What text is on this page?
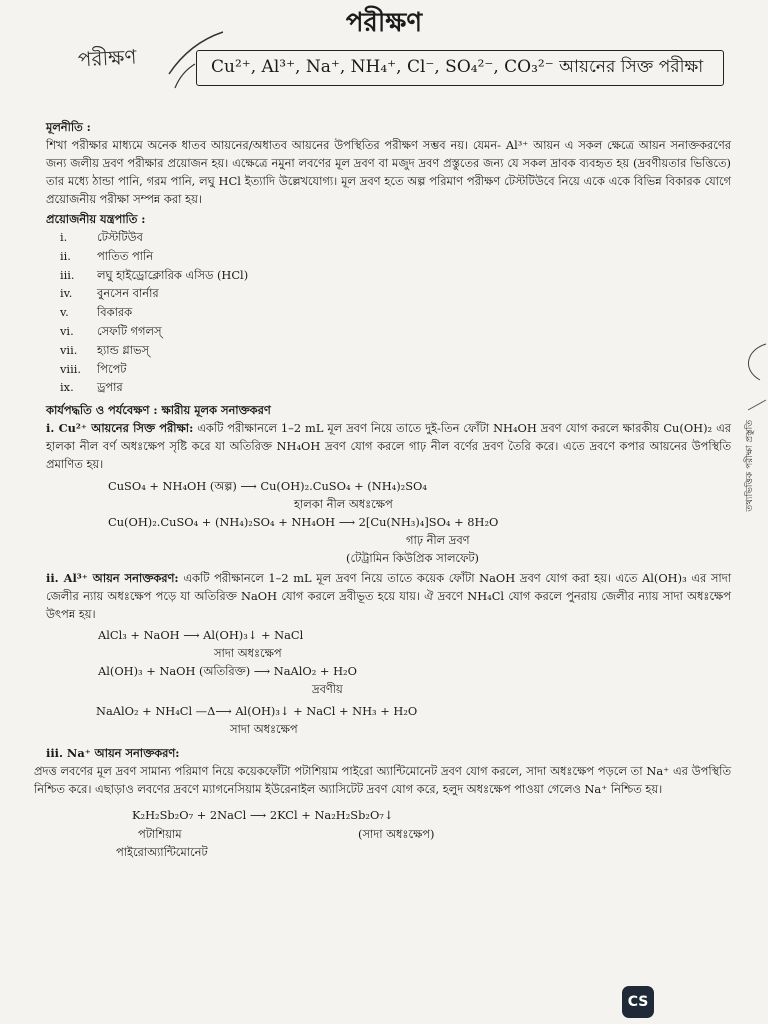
পরীক্ষণ
পরীক্ষণ	Cu²⁺, Al³⁺, Na⁺, NH₄⁺, Cl⁻, SO₄²⁻, CO₃²⁻ আয়নের সিক্ত পরীক্ষা
মূলনীতি :
শিখা পরীক্ষার মাধ্যমে অনেক ধাতব আয়নের/অধাতব আয়নের উপস্থিতির পরীক্ষণ সম্ভব নয়। যেমন- Al³⁺ আয়ন এ সকল ক্ষেত্রে আয়ন সনাক্তকরণের জন্য জলীয় দ্রবণ পরীক্ষার প্রয়োজন হয়। এক্ষেত্রে নমুনা লবণের মূল দ্রবণ বা মজুদ দ্রবণ প্রস্তুতের জন্য যে সকল দ্রাবক ব্যবহৃত হয় (দ্রবণীয়তার ভিত্তিতে) তার মধ্যে ঠান্ডা পানি, গরম পানি, লঘু HCl ইত্যাদি উল্লেখযোগ্য। মূল দ্রবণ হতে অল্প পরিমাণ পরীক্ষণ টেস্টটিউবে নিয়ে একে একে বিভিন্ন বিকারক যোগে প্রয়োজনীয় পরীক্ষা সম্পন্ন করা হয়।
প্রয়োজনীয় যন্ত্রপাতি :
i.	টেস্টটিউব
ii.	পাতিত পানি
iii.	লঘু হাইড্রোক্লোরিক এসিড (HCl)
iv.	বুনসেন বার্নার
v.	বিকারক
vi.	সেফটি গগলস্
vii.	হ্যান্ড গ্লাভস্
viii.	পিপেট
ix.	ড্রপার
কার্যপদ্ধতি ও পর্যবেক্ষণ : ক্ষারীয় মূলক সনাক্তকরণ
i. Cu²⁺ আয়নের সিক্ত পরীক্ষা: একটি পরীক্ষানলে 1–2 mL মূল দ্রবণ নিয়ে তাতে দুই-তিন ফোঁটা NH₄OH দ্রবণ যোগ করলে ক্ষারকীয় Cu(OH)₂ এর হালকা নীল বর্ণ অধঃক্ষেপ সৃষ্টি করে যা অতিরিক্ত NH₄OH দ্রবণ যোগ করলে গাঢ় নীল বর্ণের দ্রবণ তৈরি করে। এতে দ্রবণে কপার আয়নের উপস্থিতি প্রমাণিত হয়।
CuSO₄ + NH₄OH (অল্প) ⟶ Cu(OH)₂.CuSO₄ + (NH₄)₂SO₄
হালকা নীল অধঃক্ষেপ
Cu(OH)₂.CuSO₄ + (NH₄)₂SO₄ + NH₄OH ⟶ 2[Cu(NH₃)₄]SO₄ + 8H₂O
গাঢ় নীল দ্রবণ
(টেট্রামিন কিউপ্রিক সালফেট)
ii. Al³⁺ আয়ন সনাক্তকরণ: একটি পরীক্ষানলে 1–2 mL মূল দ্রবণ নিয়ে তাতে কয়েক ফোঁটা NaOH দ্রবণ যোগ করা হয়। এতে Al(OH)₃ এর সাদা জেলীর ন্যায় অধঃক্ষেপ পড়ে যা অতিরিক্ত NaOH যোগ করলে দ্রবীভূত হয়ে যায়। ঐ দ্রবণে NH₄Cl যোগ করলে পুনরায় জেলীর ন্যায় সাদা অধঃক্ষেপ উৎপন্ন হয়।
AlCl₃ + NaOH ⟶ Al(OH)₃↓ + NaCl
সাদা অধঃক্ষেপ
Al(OH)₃ + NaOH (অতিরিক্ত) ⟶ NaAlO₂ + H₂O
দ্রবণীয়
NaAlO₂ + NH₄Cl —Δ⟶ Al(OH)₃↓ + NaCl + NH₃ + H₂O
সাদা অধঃক্ষেপ
iii. Na⁺ আয়ন সনাক্তকরণ:
প্রদত্ত লবণের মূল দ্রবণ সামান্য পরিমাণ নিয়ে কয়েকফোঁটা পটাশিয়াম পাইরো অ্যান্টিমোনেট দ্রবণ যোগ করলে, সাদা অধঃক্ষেপ পড়লে তা Na⁺ এর উপস্থিতি নিশ্চিত করে। এছাড়াও লবণের দ্রবণে ম্যাগনেসিয়াম ইউরেনাইল অ্যাসিটেট দ্রবণ যোগ করে, হলুদ অধঃক্ষেপ পাওয়া গেলেও Na⁺ নিশ্চিত হয়।
K₂H₂Sb₂O₇ + 2NaCl ⟶ 2KCl + Na₂H₂Sb₂O₇↓
পটাশিয়াম	(সাদা অধঃক্ষেপ)
পাইরোঅ্যান্টিমোনেট
তথ্যভিত্তিক পরীক্ষা প্রস্তুতি
CS
